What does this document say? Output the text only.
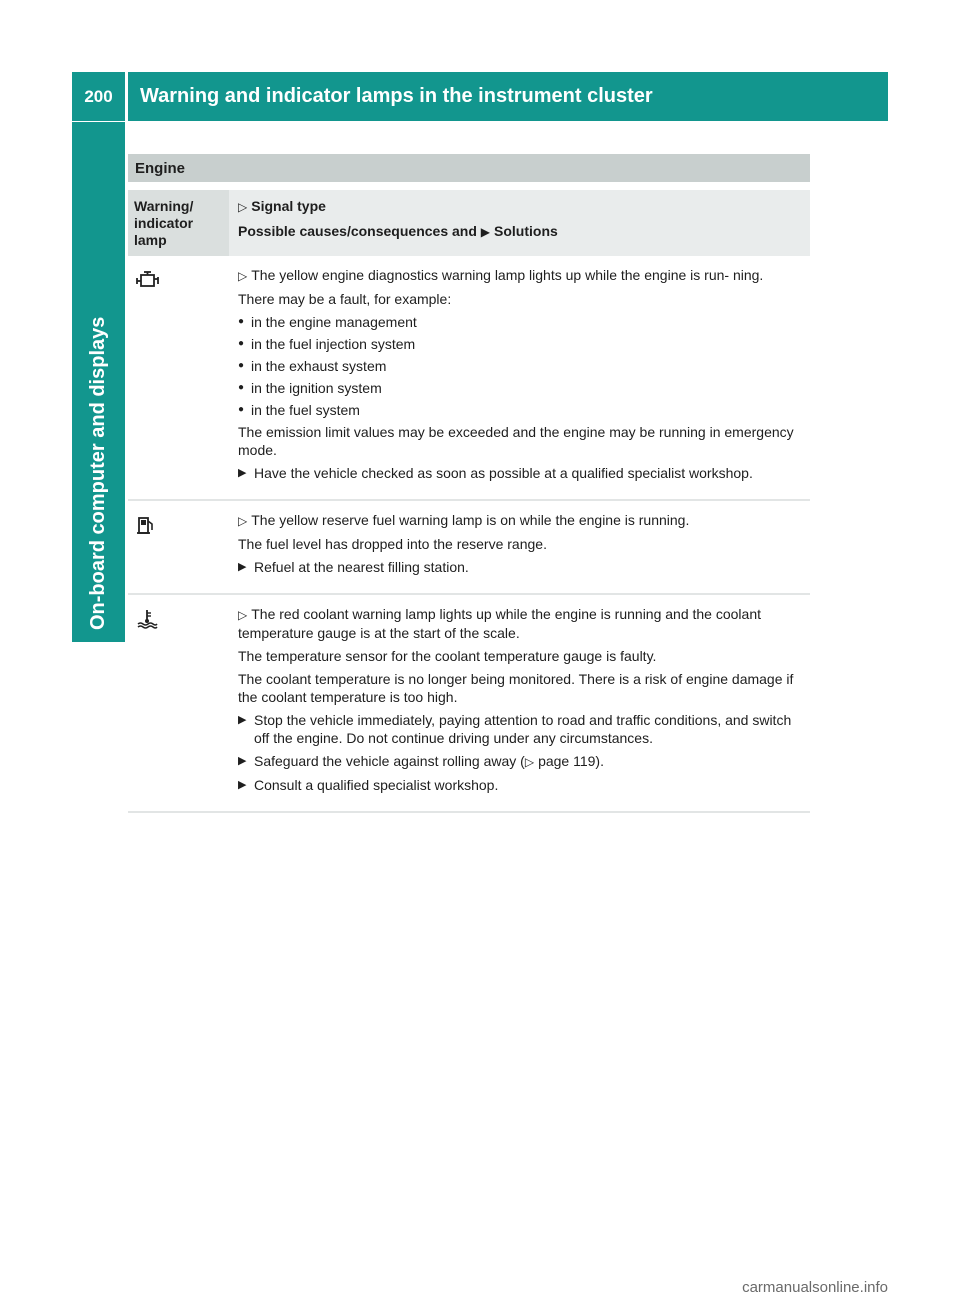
200	Warning and indicator lamps in the instrument cluster
On-board computer and displays
Engine
Warning/ indicator lamp
▷ Signal type
Possible causes/consequences and ▶ Solutions

▷ The yellow engine diagnostics warning lamp lights up while the engine is run- ning.

There may be a fault, for example:

● in the engine management
● in the fuel injection system
● in the exhaust system
● in the ignition system
● in the fuel system

The emission limit values may be exceeded and the engine may be running in emergency mode.

▶ Have the vehicle checked as soon as possible at a qualified specialist workshop.

▷ The yellow reserve fuel warning lamp is on while the engine is running.

The fuel level has dropped into the reserve range.

▶ Refuel at the nearest filling station.

▷ The red coolant warning lamp lights up while the engine is running and the coolant temperature gauge is at the start of the scale.

The temperature sensor for the coolant temperature gauge is faulty.

The coolant temperature is no longer being monitored. There is a risk of engine damage if the coolant temperature is too high.

▶ Stop the vehicle immediately, paying attention to road and traffic conditions, and switch off the engine. Do not continue driving under any circumstances.
▶ Safeguard the vehicle against rolling away (▷ page 119).
▶ Consult a qualified specialist workshop.
carmanualsonline.info
